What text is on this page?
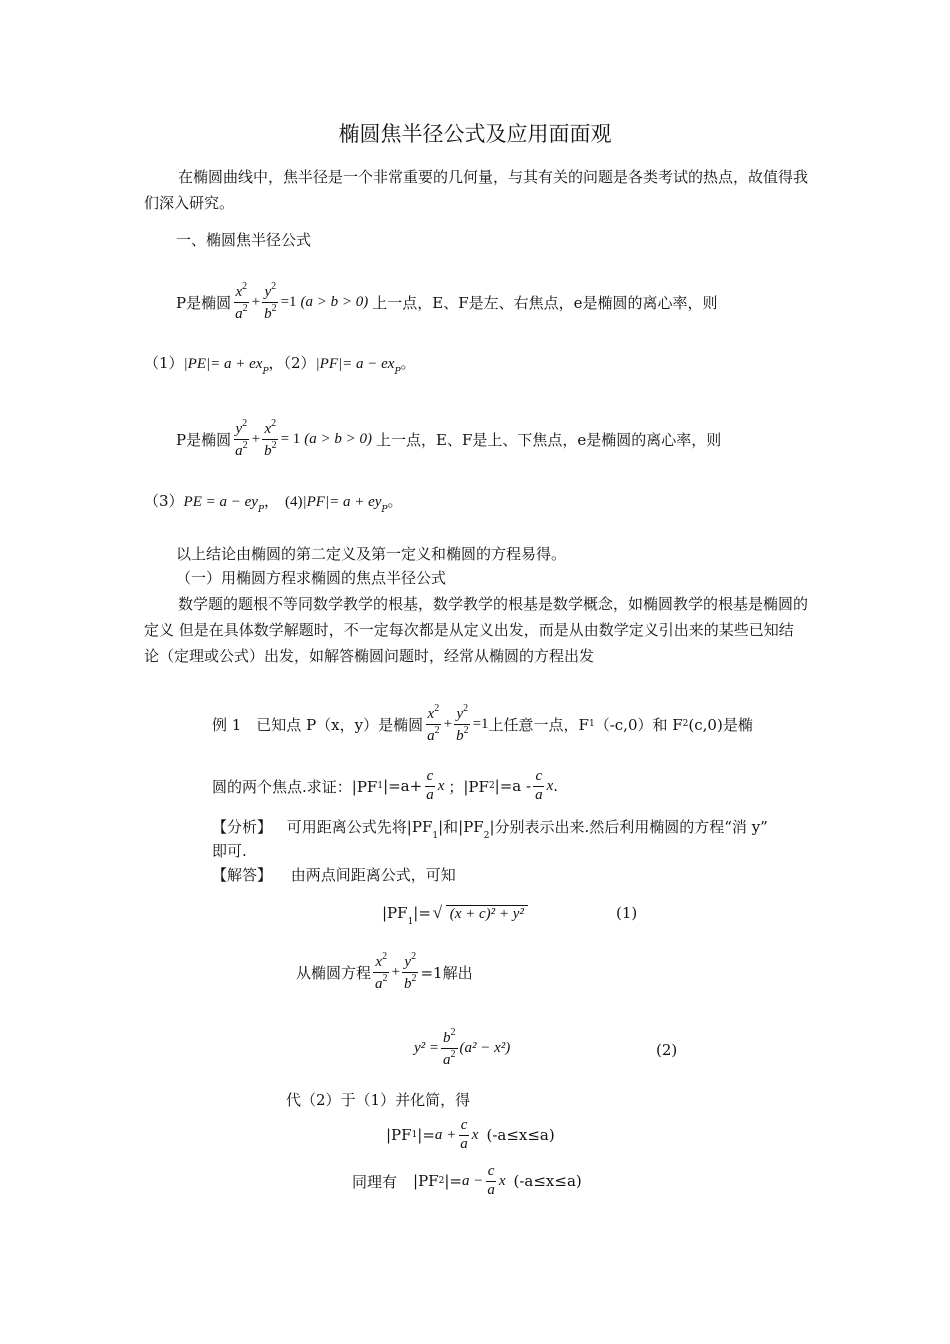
椭圆焦半径公式及应用面面观
在椭圆曲线中，焦半径是一个非常重要的几何量，与其有关的问题是各类考试的热点，故值得我们深入研究。
一、椭圆焦半径公式
P是椭圆 $\frac{x^2}{a^2} + \frac{y^2}{b^2} =1$ (a > b > 0) 上一点，E、F是左、右焦点，e是椭圆的离心率，则
$(1)|PE|= a + ex_P$，$(2)|PF|= a - ex_P$。
P是椭圆 $\frac{y^2}{a^2} + \frac{x^2}{b^2} = 1$ (a > b > 0) 上一点，E、F是上、下焦点，e是椭圆的离心率，则
$(3)PE = a - ey_P$， $(4)|PF|= a + ey_P$。
以上结论由椭圆的第二定义及第一定义和椭圆的方程易得。
（一）用椭圆方程求椭圆的焦点半径公式
数学题的题根不等同数学教学的根基，数学教学的根基是数学概念，如椭圆教学的根基是椭圆的定义 但是在具体数学解题时，不一定每次都是从定义出发，而是从由数学定义引出来的某些已知结论（定理或公式）出发，如解答椭圆问题时，经常从椭圆的方程出发
例 1　已知点 P（x，y）是椭圆 $\frac{x^2}{a^2} + \frac{y^2}{b^2} =1$ 上任意一点，F 1 （-c,0）和 F 2 (c,0)是椭
圆的两个焦点.求证：|PF 1 $|=a+ \frac{c}{a}$ x ；|PF 2 $|=a - \frac{c}{a}$ x .
【分析】 可用距离公式先将$|PF_1|$和$|PF_2|$分别表示出来.然后利用椭圆的方程“消 y”
即可.
【解答】 由两点间距离公式，可知
$|PF_1|=$ √ (x + c)² + y²	(1)
从椭圆方程 $\frac{x^2}{a^2} + \frac{y^2}{b^2} =1$解出
$y^2 = \frac{b^2}{a^2} (a^2 - x^2)$	(2)
代（2）于（1）并化简，得
|PF 1 |= $a + \frac{c}{a}$ x (-a≤x≤a)
同理有 |PF 2 |= $a - \frac{c}{a}$ x (-a≤x≤a)
